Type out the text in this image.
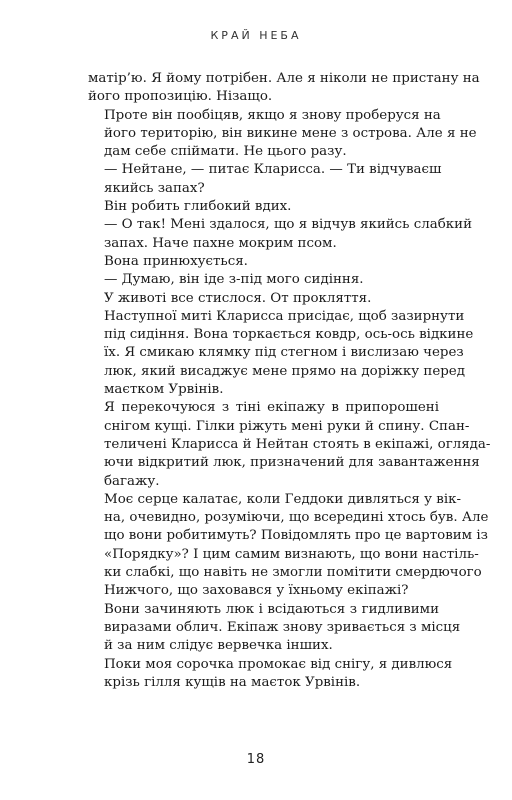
КРАЙ НЕБА

матір’ю. Я йому потрібен. Але я ніколи не пристану на
його пропозицію. Нізащо.

Проте він пообіцяв, якщо я знову проберуся на
його територію, він викине мене з острова. Але я не
дам себе спіймати. Не цього разу.

— Нейтане, — питає Кларисса. — Ти відчуваєш
якийсь запах?

Він робить глибокий вдих.

— О так! Мені здалося, що я відчув якийсь слабкий
запах. Наче пахне мокрим псом.

Вона принюхується.

— Думаю, він іде з-під мого сидіння.

У животі все стислося. От прокляття.

Наступної миті Кларисса присідає, щоб зазирнути
під сидіння. Вона торкається ковдр, ось-ось відкине
їх. Я смикаю клямку під стегном і вислизаю через
люк, який висаджує мене прямо на доріжку перед
маєтком Урвінів.

Я перекочуюся з тіні екіпажу в припорошені
снігом кущі. Гілки ріжуть мені руки й спину. Спан-
теличені Кларисса й Нейтан стоять в екіпажі, огляда-
ючи відкритий люк, призначений для завантаження
багажу.

Моє серце калатає, коли Геддоки дивляться у вік-
на, очевидно, розуміючи, що всередині хтось був. Але
що вони робитимуть? Повідомлять про це вартовим із
«Порядку»? І цим самим визнають, що вони настіль-
ки слабкі, що навіть не змогли помітити смердючого
Нижчого, що заховався у їхньому екіпажі?

Вони зачиняють люк і всідаються з гидливими
виразами облич. Екіпаж знову зривається з місця
й за ним слідує вервечка інших.

Поки моя сорочка промокає від снігу, я дивлюся
крізь гілля кущів на маєток Урвінів.

18
